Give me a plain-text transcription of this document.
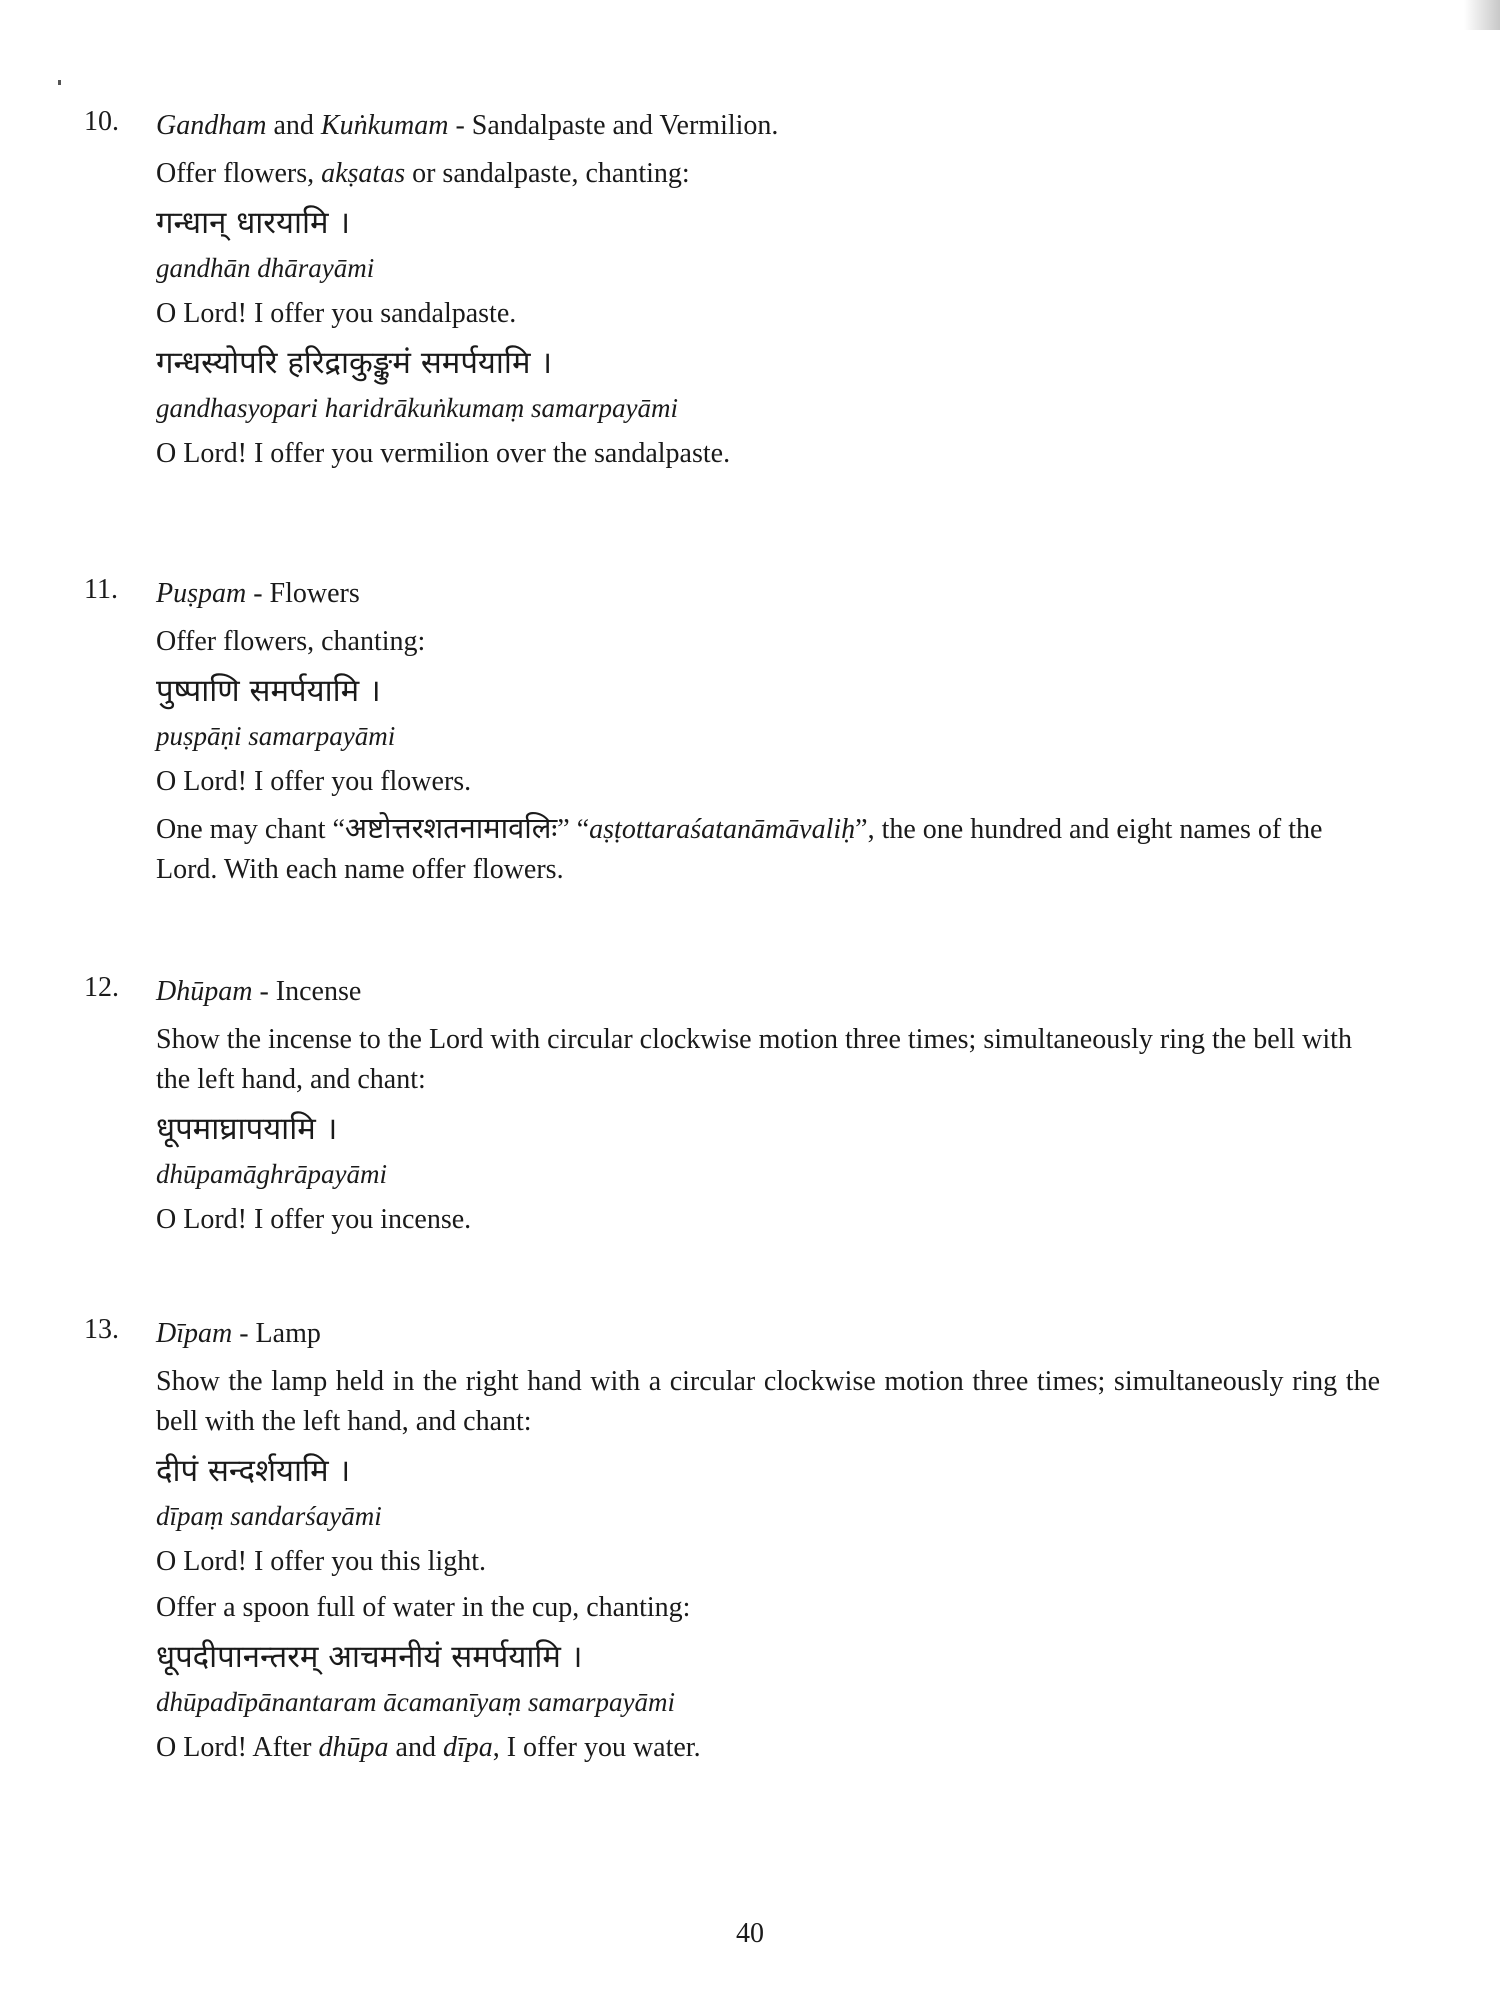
10. Gandham and Kuṅkumam - Sandalpaste and Vermilion.

Offer flowers, akṣatas or sandalpaste, chanting:

गन्धान् धारयामि ।

gandhān dhārayāmi

O Lord! I offer you sandalpaste.

गन्धस्योपरि हरिद्राकुङ्कुमं समर्पयामि ।

gandhasyopari haridrākuṅkumaṃ samarpayāmi

O Lord! I offer you vermilion over the sandalpaste.

11. Puṣpam - Flowers

Offer flowers, chanting:

पुष्पाणि समर्पयामि ।

puṣpāṇi samarpayāmi

O Lord! I offer you flowers.

One may chant “अष्टोत्तरशतनामावलिः” “aṣṭottaraśatanāmāvaliḥ”, the one hundred and eight names of the Lord. With each name offer flowers.

12. Dhūpam - Incense

Show the incense to the Lord with circular clockwise motion three times; simultaneously ring the bell with the left hand, and chant:

धूपमाघ्रापयामि ।

dhūpamāghrāpayāmi

O Lord! I offer you incense.

13. Dīpam - Lamp

Show the lamp held in the right hand with a circular clockwise motion three times; simultaneously ring the bell with the left hand, and chant:

दीपं सन्दर्शयामि ।

dīpaṃ sandarśayāmi

O Lord! I offer you this light.

Offer a spoon full of water in the cup, chanting:

धूपदीपानन्तरम् आचमनीयं समर्पयामि ।

dhūpadīpānantaram ācamanīyaṃ samarpayāmi

O Lord! After dhūpa and dīpa, I offer you water.

40
